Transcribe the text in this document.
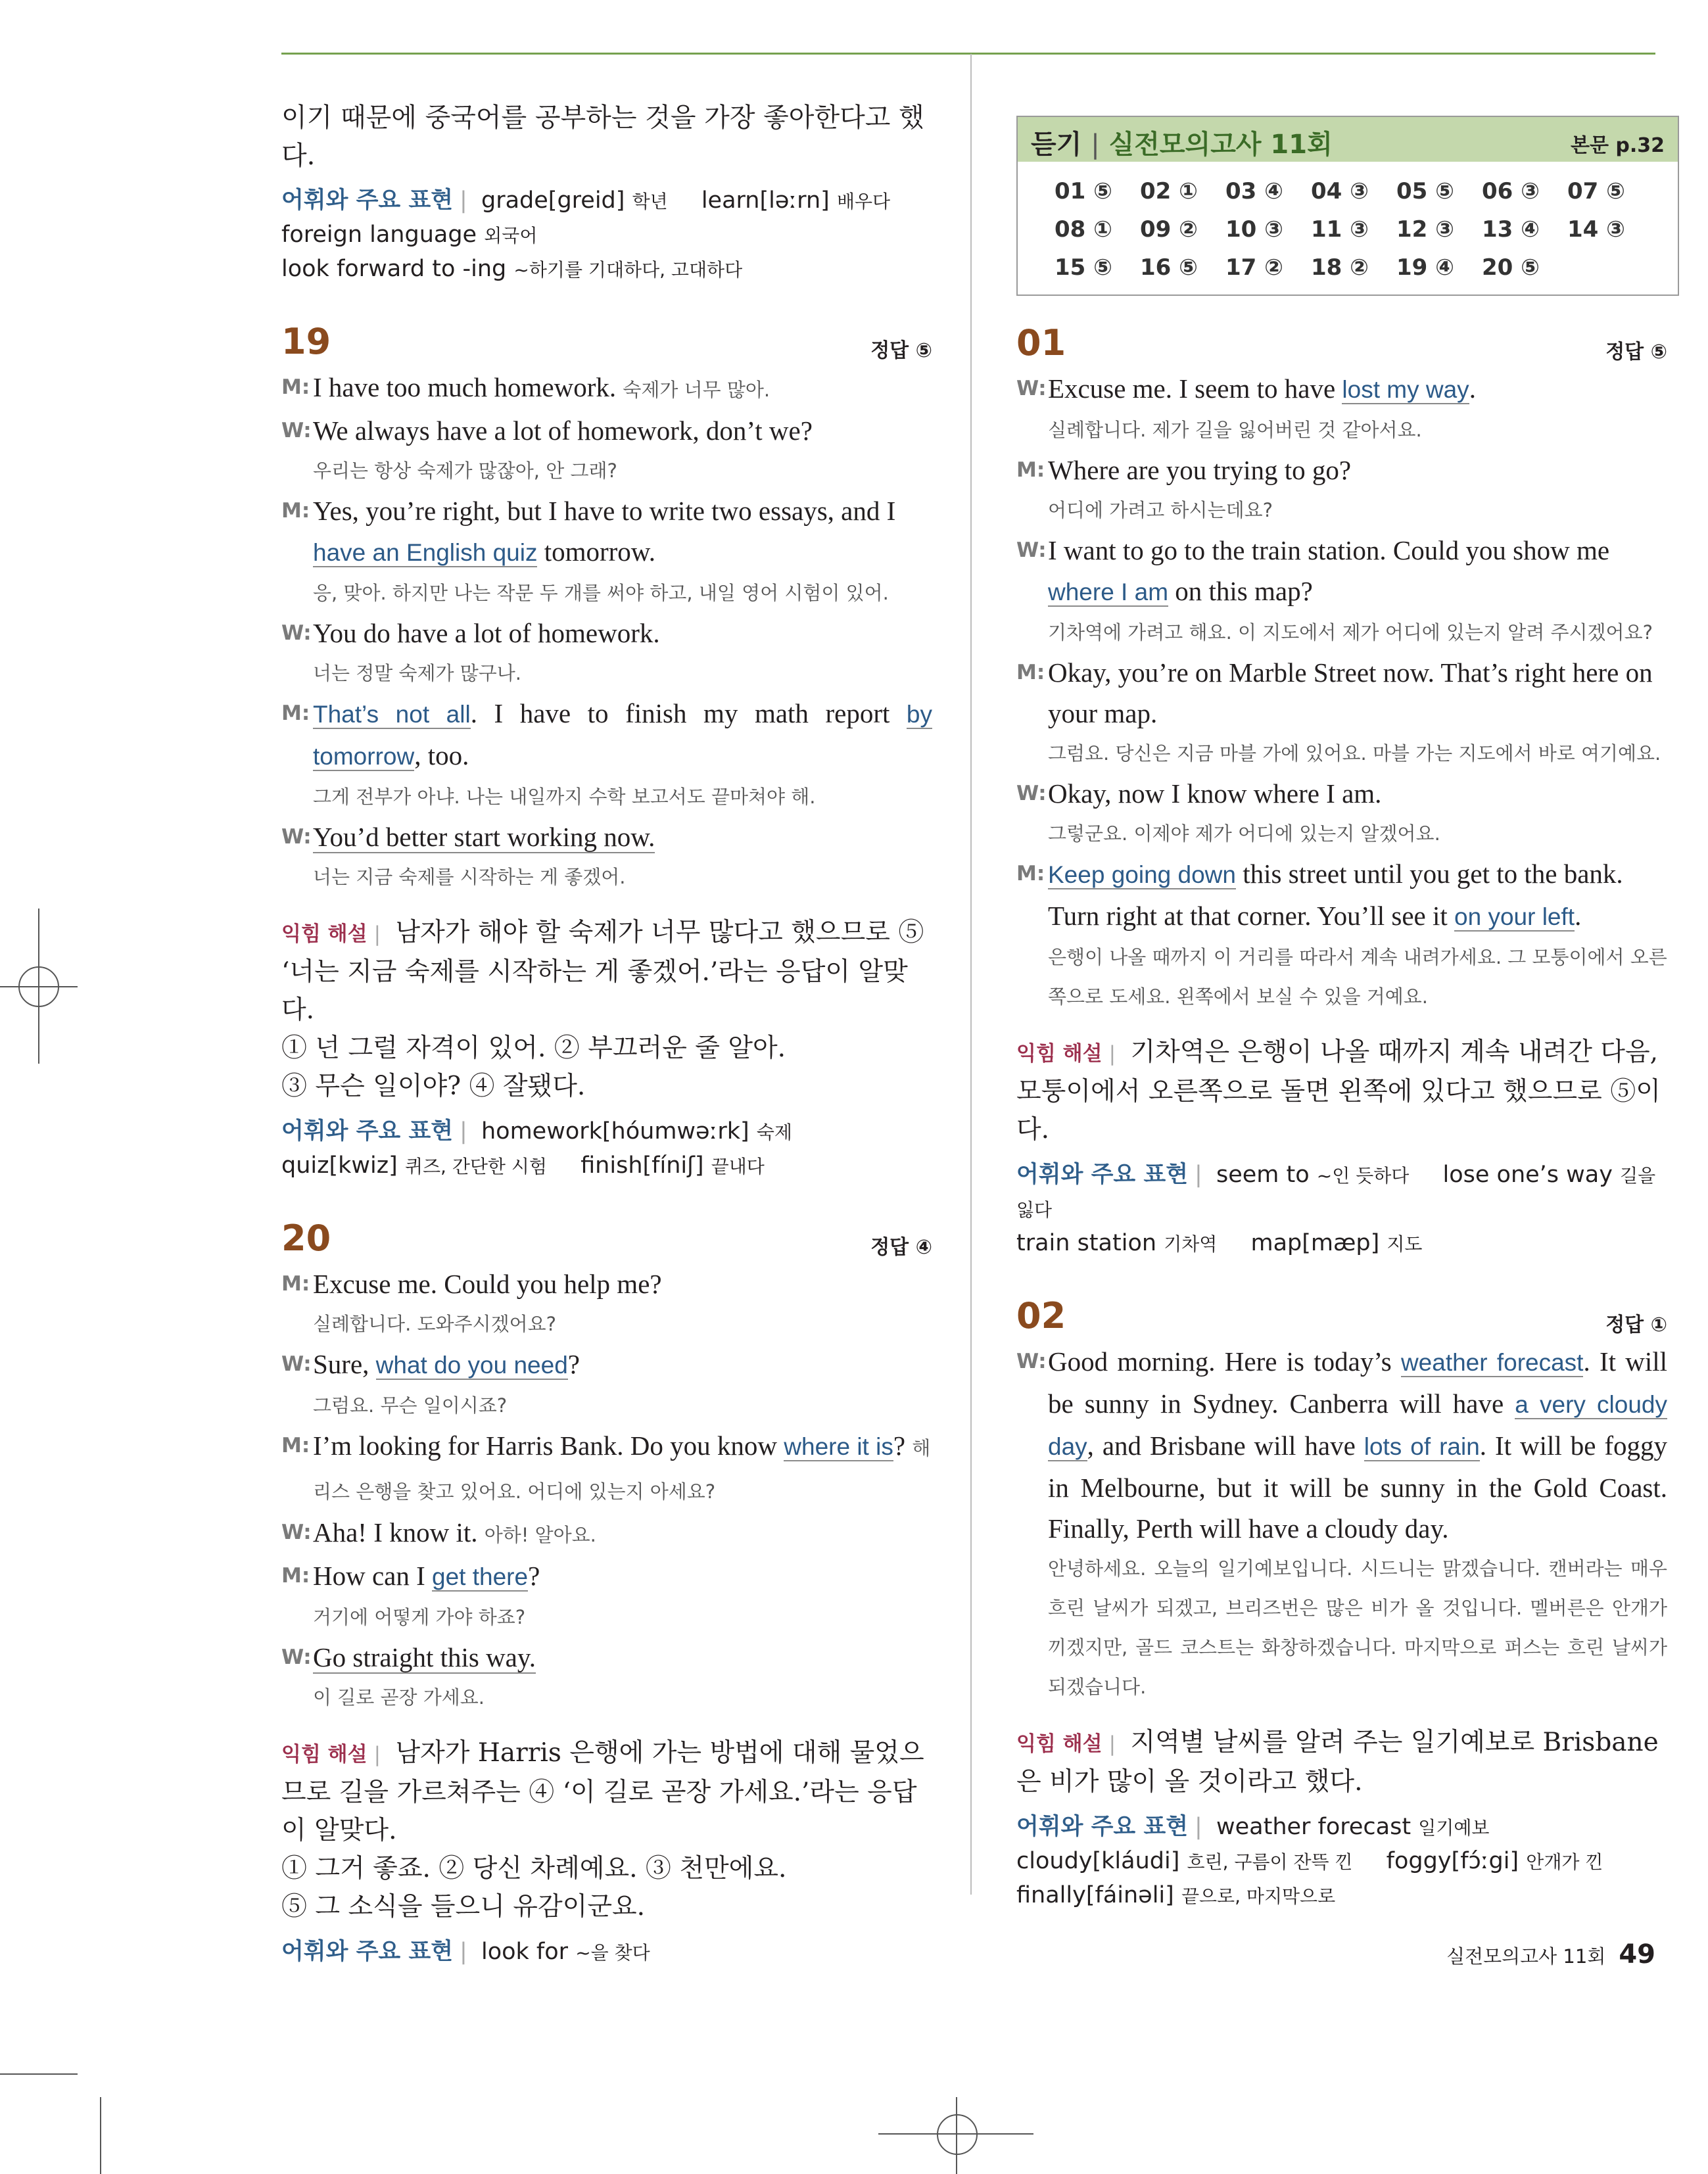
이기 때문에 중국어를 공부하는 것을 가장 좋아한다고 했다.
어휘와 주요 표현 | grade[greid] 학년 learn[ləːrn] 배우다
foreign language 외국어
look forward to -ing ~하기를 기대하다, 고대하다
19	정답 ⑤
M: I have too much homework. 숙제가 너무 많아.
W: We always have a lot of homework, don’t we?
우리는 항상 숙제가 많잖아, 안 그래?
M: Yes, you’re right, but I have to write two essays, and I have an English quiz tomorrow.
응, 맞아. 하지만 나는 작문 두 개를 써야 하고, 내일 영어 시험이 있어.
W: You do have a lot of homework.
너는 정말 숙제가 많구나.
M: That’s not all. I have to finish my math report by tomorrow, too.
그게 전부가 아냐. 나는 내일까지 수학 보고서도 끝마쳐야 해.
W: You’d better start working now.
너는 지금 숙제를 시작하는 게 좋겠어.
익힘 해설 | 남자가 해야 할 숙제가 너무 많다고 했으므로 ⑤ ‘너는 지금 숙제를 시작하는 게 좋겠어.’라는 응답이 알맞다.
① 넌 그럴 자격이 있어. ② 부끄러운 줄 알아.
③ 무슨 일이야? ④ 잘됐다.
어휘와 주요 표현 | homework[hóumwəːrk] 숙제
quiz[kwiz] 퀴즈, 간단한 시험 finish[fíniʃ] 끝내다
20	정답 ④
M: Excuse me. Could you help me?
실례합니다. 도와주시겠어요?
W: Sure, what do you need?
그럼요. 무슨 일이시죠?
M: I’m looking for Harris Bank. Do you know where it is? 해리스 은행을 찾고 있어요. 어디에 있는지 아세요?
W: Aha! I know it. 아하! 알아요.
M: How can I get there?
거기에 어떻게 가야 하죠?
W: Go straight this way.
이 길로 곧장 가세요.
익힘 해설 | 남자가 Harris 은행에 가는 방법에 대해 물었으므로 길을 가르쳐주는 ④ ‘이 길로 곧장 가세요.’라는 응답이 알맞다.
① 그거 좋죠. ② 당신 차례예요. ③ 천만에요.
⑤ 그 소식을 들으니 유감이군요.
어휘와 주요 표현 | look for ~을 찾다
듣기 | 실전모의고사 11회	본문 p.32
01 ⑤ 02 ① 03 ④ 04 ③ 05 ⑤ 06 ③ 07 ⑤
08 ① 09 ② 10 ③ 11 ③ 12 ③ 13 ④ 14 ③
15 ⑤ 16 ⑤ 17 ② 18 ② 19 ④ 20 ⑤
01	정답 ⑤
W: Excuse me. I seem to have lost my way.
실례합니다. 제가 길을 잃어버린 것 같아서요.
M: Where are you trying to go?
어디에 가려고 하시는데요?
W: I want to go to the train station. Could you show me where I am on this map?
기차역에 가려고 해요. 이 지도에서 제가 어디에 있는지 알려 주시겠어요?
M: Okay, you’re on Marble Street now. That’s right here on your map.
그럼요. 당신은 지금 마블 가에 있어요. 마블 가는 지도에서 바로 여기예요.
W: Okay, now I know where I am.
그렇군요. 이제야 제가 어디에 있는지 알겠어요.
M: Keep going down this street until you get to the bank. Turn right at that corner. You’ll see it on your left.
은행이 나올 때까지 이 거리를 따라서 계속 내려가세요. 그 모퉁이에서 오른쪽으로 도세요. 왼쪽에서 보실 수 있을 거예요.
익힘 해설 | 기차역은 은행이 나올 때까지 계속 내려간 다음, 모퉁이에서 오른쪽으로 돌면 왼쪽에 있다고 했으므로 ⑤이다.
어휘와 주요 표현 | seem to ~인 듯하다 lose one’s way 길을 잃다
train station 기차역 map[mæp] 지도
02	정답 ①
W: Good morning. Here is today’s weather forecast. It will be sunny in Sydney. Canberra will have a very cloudy day, and Brisbane will have lots of rain. It will be foggy in Melbourne, but it will be sunny in the Gold Coast. Finally, Perth will have a cloudy day.
안녕하세요. 오늘의 일기예보입니다. 시드니는 맑겠습니다. 캔버라는 매우 흐린 날씨가 되겠고, 브리즈번은 많은 비가 올 것입니다. 멜버른은 안개가 끼겠지만, 골드 코스트는 화창하겠습니다. 마지막으로 퍼스는 흐린 날씨가 되겠습니다.
익힘 해설 | 지역별 날씨를 알려 주는 일기예보로 Brisbane은 비가 많이 올 것이라고 했다.
어휘와 주요 표현 | weather forecast 일기예보
cloudy[kláudi] 흐린, 구름이 잔뜩 낀 foggy[fɔ́ːgi] 안개가 낀
finally[fáinəli] 끝으로, 마지막으로
실전모의고사 11회 49
